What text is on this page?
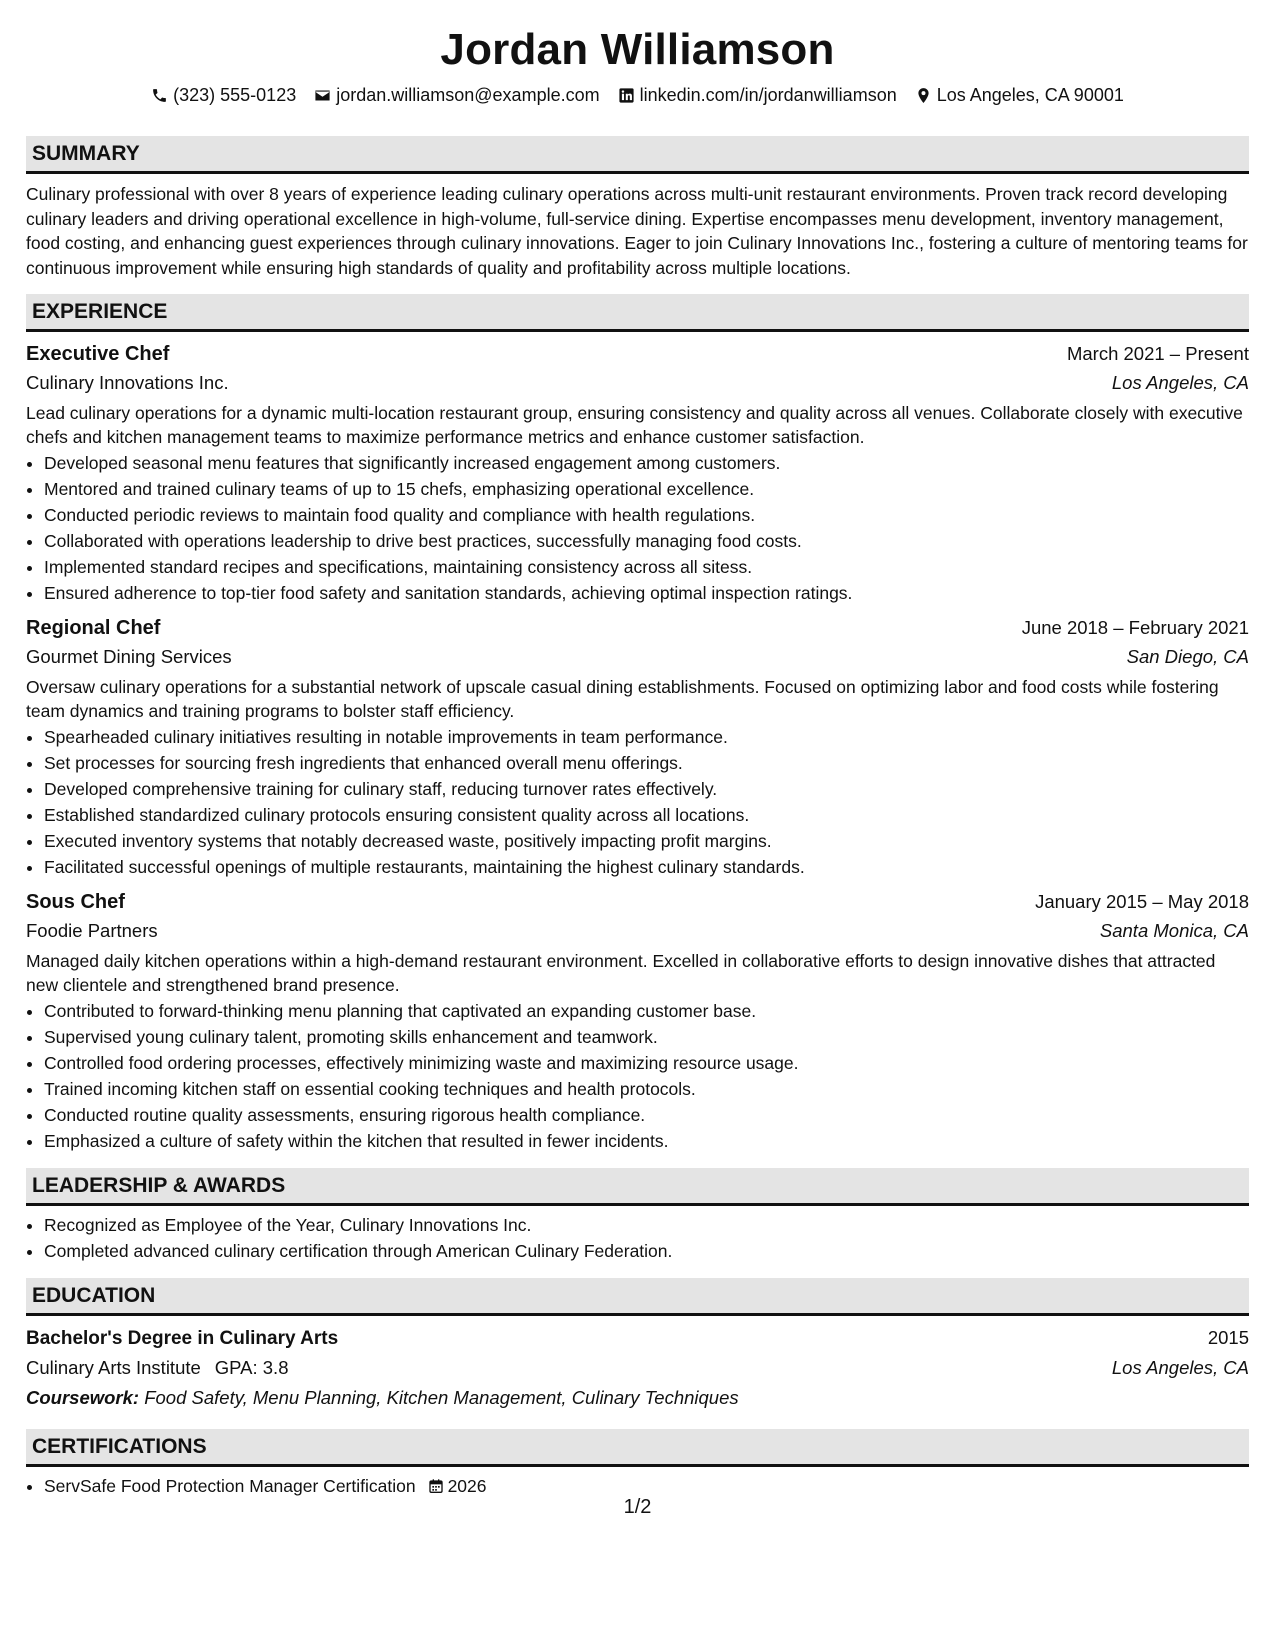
Jordan Williamson
(323) 555-0123 jordan.williamson@example.com linkedin.com/in/jordanwilliamson Los Angeles, CA 90001
SUMMARY
Culinary professional with over 8 years of experience leading culinary operations across multi-unit restaurant environments. Proven track record developing culinary leaders and driving operational excellence in high-volume, full-service dining. Expertise encompasses menu development, inventory management, food costing, and enhancing guest experiences through culinary innovations. Eager to join Culinary Innovations Inc., fostering a culture of mentoring teams for continuous improvement while ensuring high standards of quality and profitability across multiple locations.
EXPERIENCE
Executive Chef	March 2021 – Present
Culinary Innovations Inc.	Los Angeles, CA
Lead culinary operations for a dynamic multi-location restaurant group, ensuring consistency and quality across all venues. Collaborate closely with executive chefs and kitchen management teams to maximize performance metrics and enhance customer satisfaction.
• Developed seasonal menu features that significantly increased engagement among customers.
• Mentored and trained culinary teams of up to 15 chefs, emphasizing operational excellence.
• Conducted periodic reviews to maintain food quality and compliance with health regulations.
• Collaborated with operations leadership to drive best practices, successfully managing food costs.
• Implemented standard recipes and specifications, maintaining consistency across all sitess.
• Ensured adherence to top-tier food safety and sanitation standards, achieving optimal inspection ratings.
Regional Chef	June 2018 – February 2021
Gourmet Dining Services	San Diego, CA
Oversaw culinary operations for a substantial network of upscale casual dining establishments. Focused on optimizing labor and food costs while fostering team dynamics and training programs to bolster staff efficiency.
• Spearheaded culinary initiatives resulting in notable improvements in team performance.
• Set processes for sourcing fresh ingredients that enhanced overall menu offerings.
• Developed comprehensive training for culinary staff, reducing turnover rates effectively.
• Established standardized culinary protocols ensuring consistent quality across all locations.
• Executed inventory systems that notably decreased waste, positively impacting profit margins.
• Facilitated successful openings of multiple restaurants, maintaining the highest culinary standards.
Sous Chef	January 2015 – May 2018
Foodie Partners	Santa Monica, CA
Managed daily kitchen operations within a high-demand restaurant environment. Excelled in collaborative efforts to design innovative dishes that attracted new clientele and strengthened brand presence.
• Contributed to forward-thinking menu planning that captivated an expanding customer base.
• Supervised young culinary talent, promoting skills enhancement and teamwork.
• Controlled food ordering processes, effectively minimizing waste and maximizing resource usage.
• Trained incoming kitchen staff on essential cooking techniques and health protocols.
• Conducted routine quality assessments, ensuring rigorous health compliance.
• Emphasized a culture of safety within the kitchen that resulted in fewer incidents.
LEADERSHIP & AWARDS
• Recognized as Employee of the Year, Culinary Innovations Inc.
• Completed advanced culinary certification through American Culinary Federation.
EDUCATION
Bachelor's Degree in Culinary Arts	2015
Culinary Arts Institute GPA: 3.8	Los Angeles, CA
Coursework: Food Safety, Menu Planning, Kitchen Management, Culinary Techniques
CERTIFICATIONS
• ServSafe Food Protection Manager Certification 2026
1/2
